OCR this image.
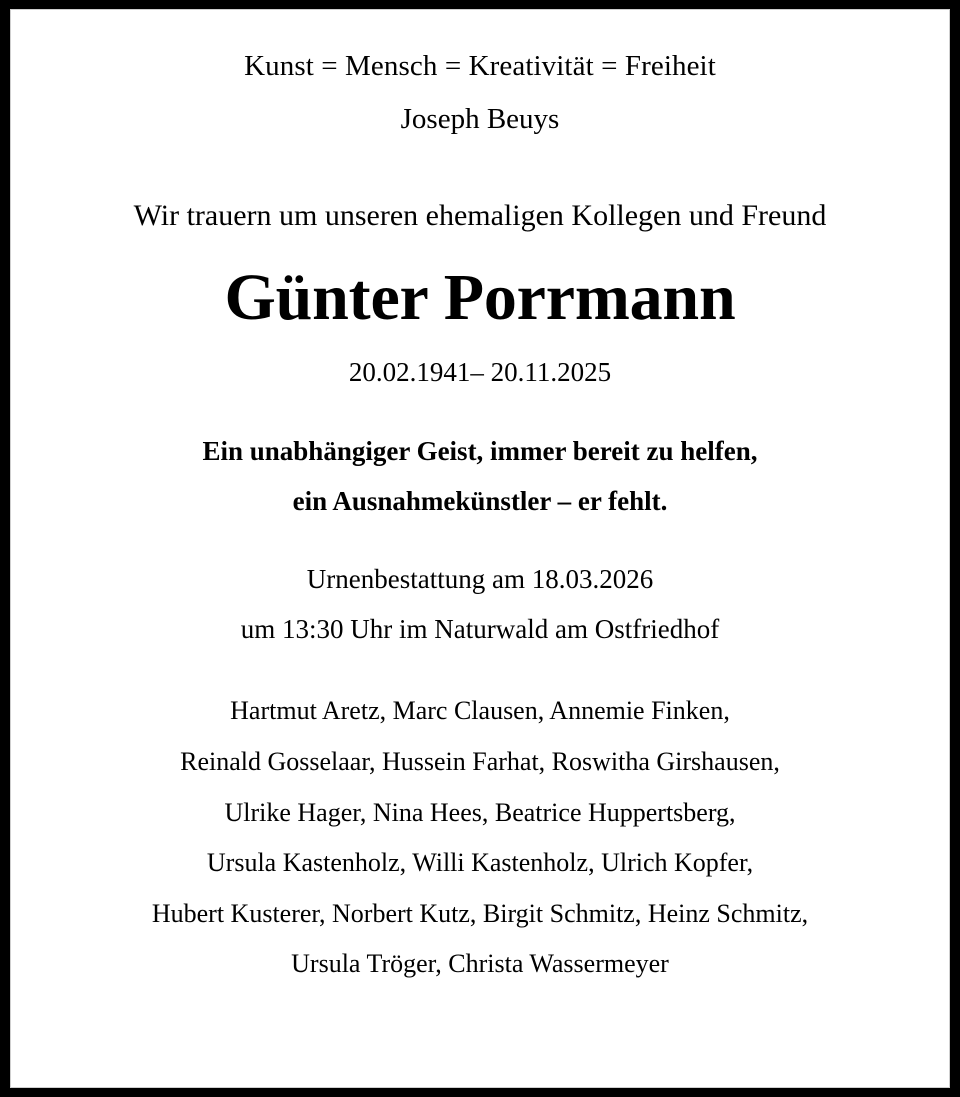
Kunst = Mensch = Kreativität = Freiheit
Joseph Beuys
Wir trauern um unseren ehemaligen Kollegen und Freund
Günter Porrmann
20.02.1941– 20.11.2025
Ein unabhängiger Geist, immer bereit zu helfen,
ein Ausnahmekünstler – er fehlt.
Urnenbestattung am 18.03.2026
um 13:30 Uhr im Naturwald am Ostfriedhof
Hartmut Aretz, Marc Clausen, Annemie Finken,
Reinald Gosselaar, Hussein Farhat, Roswitha Girshausen,
Ulrike Hager, Nina Hees, Beatrice Huppertsberg,
Ursula Kastenholz, Willi Kastenholz, Ulrich Kopfer,
Hubert Kusterer, Norbert Kutz, Birgit Schmitz, Heinz Schmitz,
Ursula Tröger, Christa Wassermeyer
